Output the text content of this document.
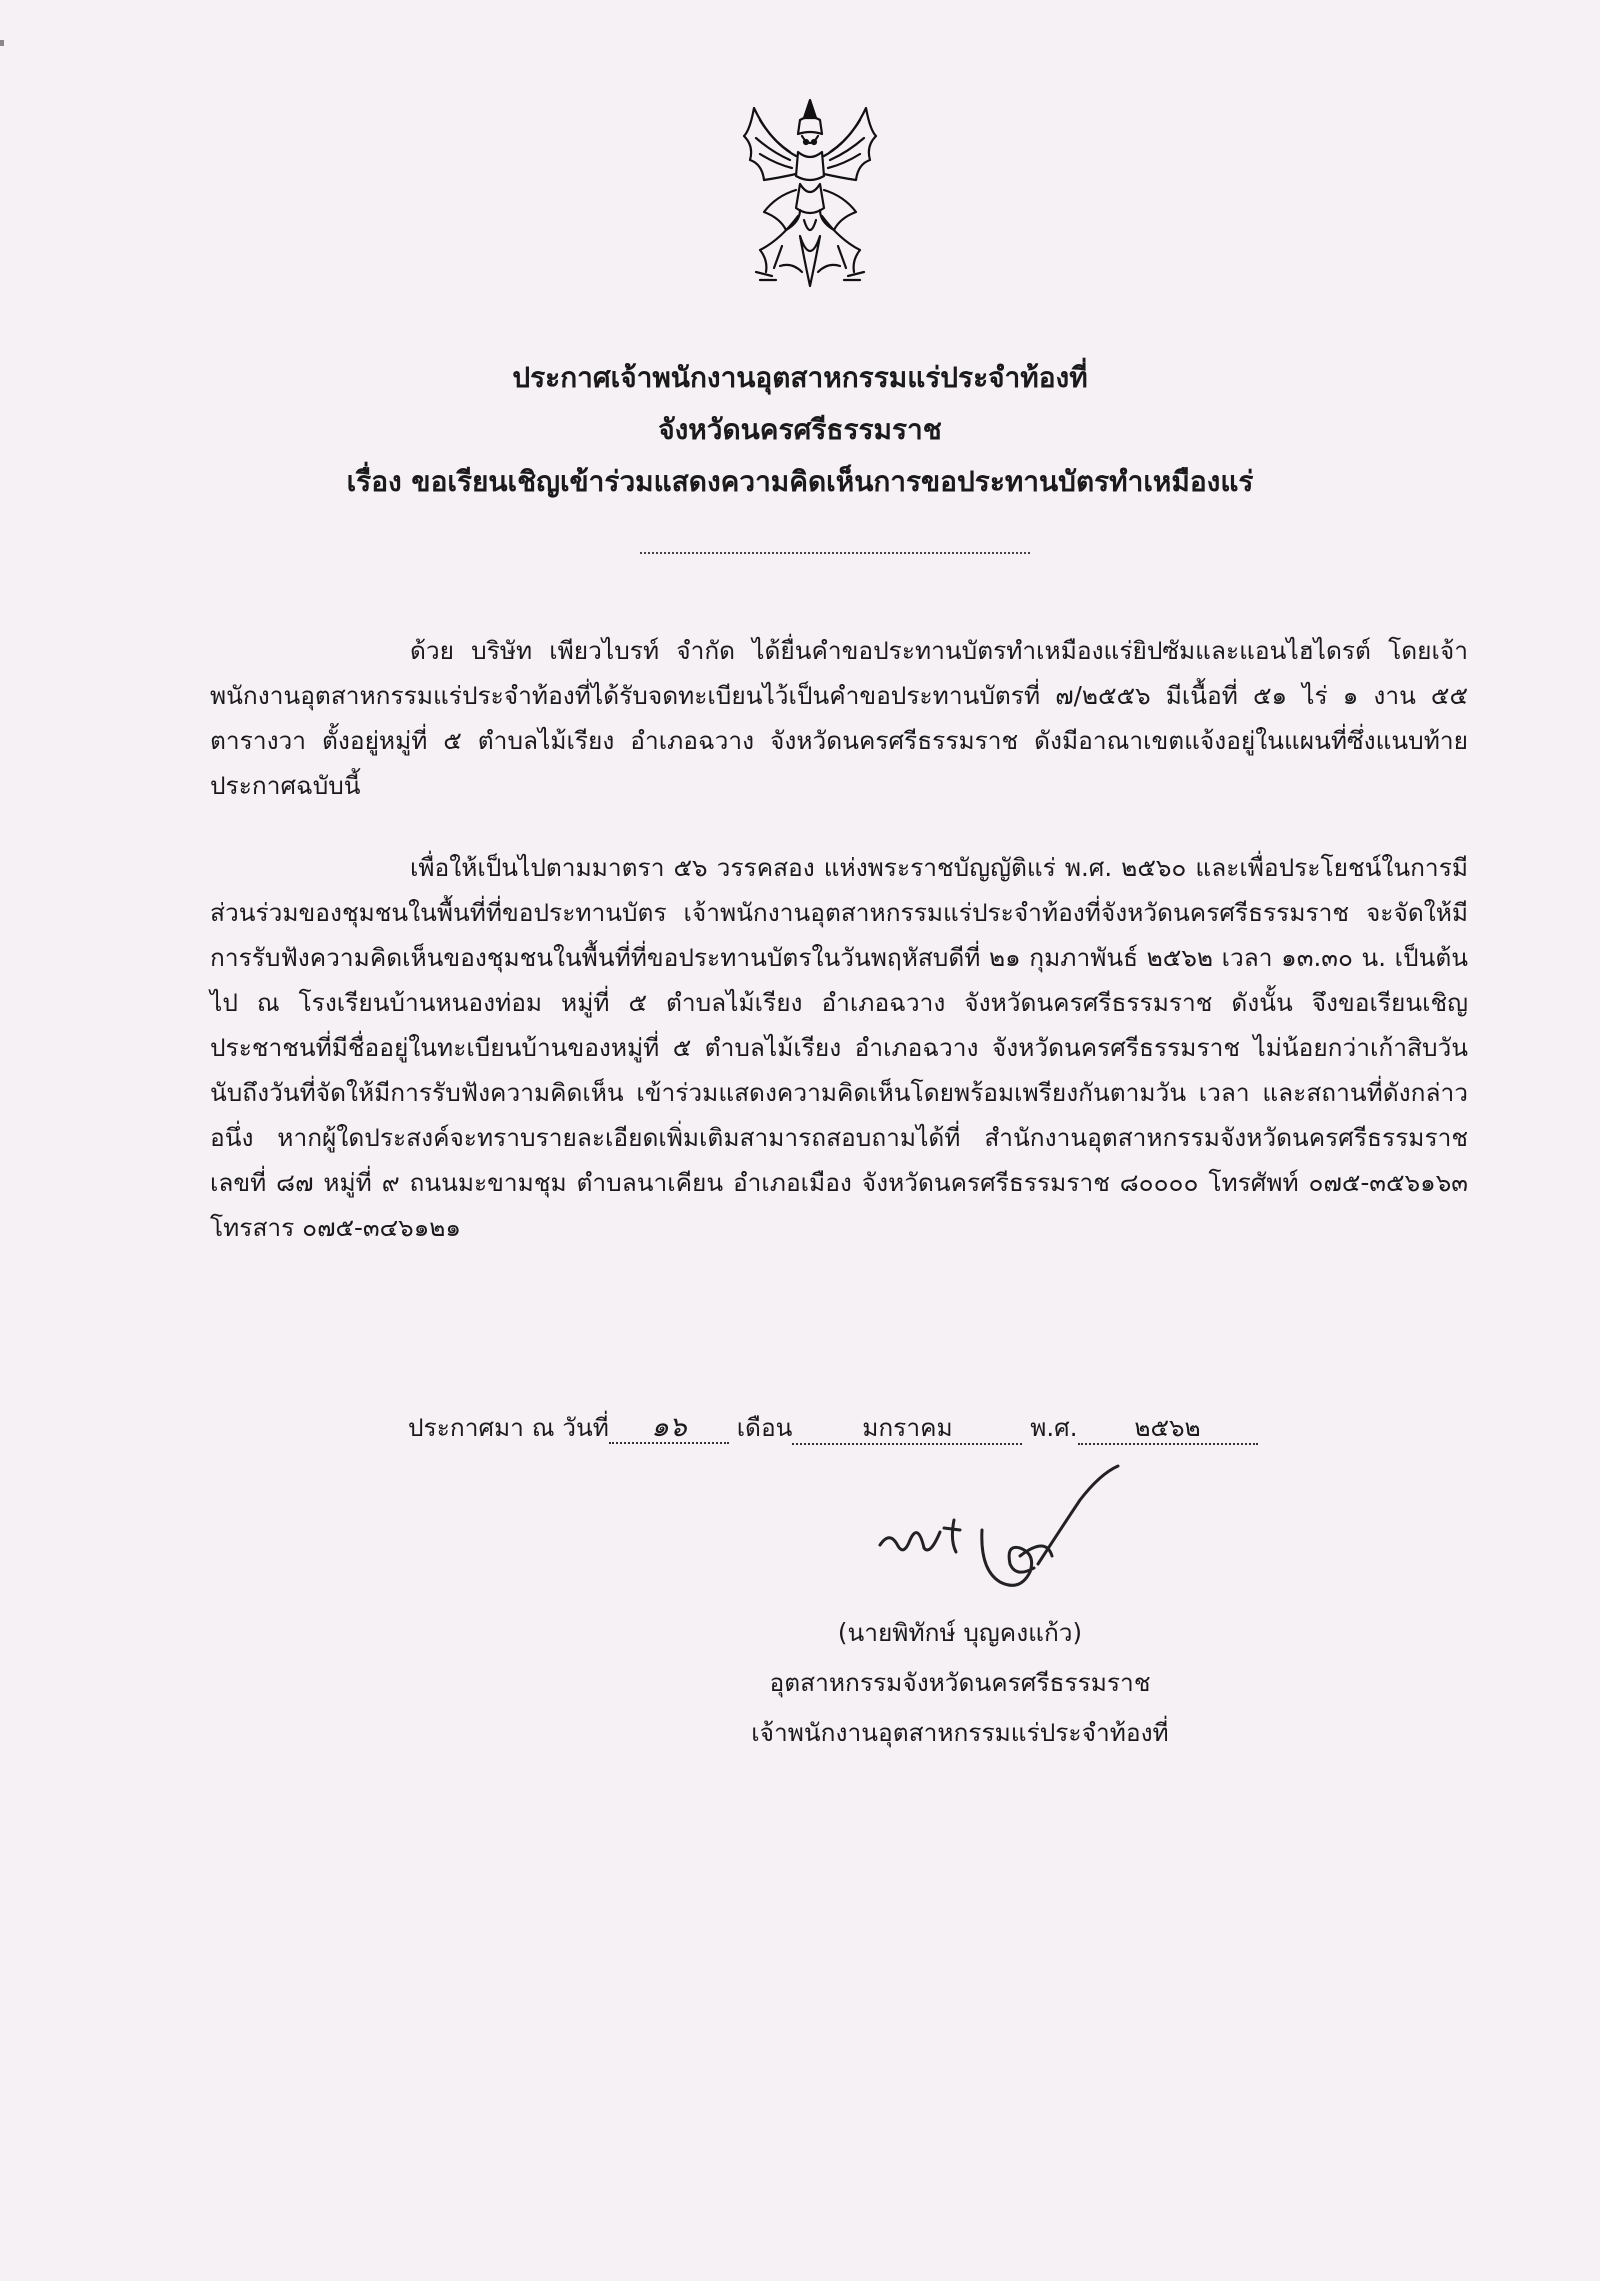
ประกาศเจ้าพนักงานอุตสาหกรรมแร่ประจำท้องที่
จังหวัดนครศรีธรรมราช
เรื่อง ขอเรียนเชิญเข้าร่วมแสดงความคิดเห็นการขอประทานบัตรทำเหมืองแร่

ด้วย บริษัท เพียวไบรท์ จำกัด ได้ยื่นคำขอประทานบัตรทำเหมืองแร่ยิปซัมและแอนไฮไดรต์ โดยเจ้าพนักงานอุตสาหกรรมแร่ประจำท้องที่ได้รับจดทะเบียนไว้เป็นคำขอประทานบัตรที่ ๗/๒๕๕๖ มีเนื้อที่ ๕๑ ไร่ ๑ งาน ๕๕ ตารางวา ตั้งอยู่หมู่ที่ ๕ ตำบลไม้เรียง อำเภอฉวาง จังหวัดนครศรีธรรมราช ดังมีอาณาเขตแจ้งอยู่ในแผนที่ซึ่งแนบท้ายประกาศฉบับนี้

เพื่อให้เป็นไปตามมาตรา ๕๖ วรรคสอง แห่งพระราชบัญญัติแร่ พ.ศ. ๒๕๖๐ และเพื่อประโยชน์ในการมีส่วนร่วมของชุมชนในพื้นที่ที่ขอประทานบัตร เจ้าพนักงานอุตสาหกรรมแร่ประจำท้องที่จังหวัดนครศรีธรรมราช จะจัดให้มีการรับฟังความคิดเห็นของชุมชนในพื้นที่ที่ขอประทานบัตรในวันพฤหัสบดีที่ ๒๑ กุมภาพันธ์ ๒๕๖๒ เวลา ๑๓.๓๐ น. เป็นต้นไป ณ โรงเรียนบ้านหนองท่อม หมู่ที่ ๕ ตำบลไม้เรียง อำเภอฉวาง จังหวัดนครศรีธรรมราช ดังนั้น จึงขอเรียนเชิญประชาชนที่มีชื่ออยู่ในทะเบียนบ้านของหมู่ที่ ๕ ตำบลไม้เรียง อำเภอฉวาง จังหวัดนครศรีธรรมราช ไม่น้อยกว่าเก้าสิบวันนับถึงวันที่จัดให้มีการรับฟังความคิดเห็น เข้าร่วมแสดงความคิดเห็นโดยพร้อมเพรียงกันตามวัน เวลา และสถานที่ดังกล่าว อนึ่ง หากผู้ใดประสงค์จะทราบรายละเอียดเพิ่มเติมสามารถสอบถามได้ที่ สำนักงานอุตสาหกรรมจังหวัดนครศรีธรรมราช เลขที่ ๘๗ หมู่ที่ ๙ ถนนมะขามชุม ตำบลนาเคียน อำเภอเมือง จังหวัดนครศรีธรรมราช ๘๐๐๐๐ โทรศัพท์ ๐๗๕-๓๕๖๑๖๓ โทรสาร ๐๗๕-๓๔๖๑๒๑

ประกาศมา ณ วันที่ ๑๖ เดือน	มกราคม	พ.ศ. ๒๕๖๒
(นายพิทักษ์ บุญคงแก้ว)
อุตสาหกรรมจังหวัดนครศรีธรรมราช
เจ้าพนักงานอุตสาหกรรมแร่ประจำท้องที่
